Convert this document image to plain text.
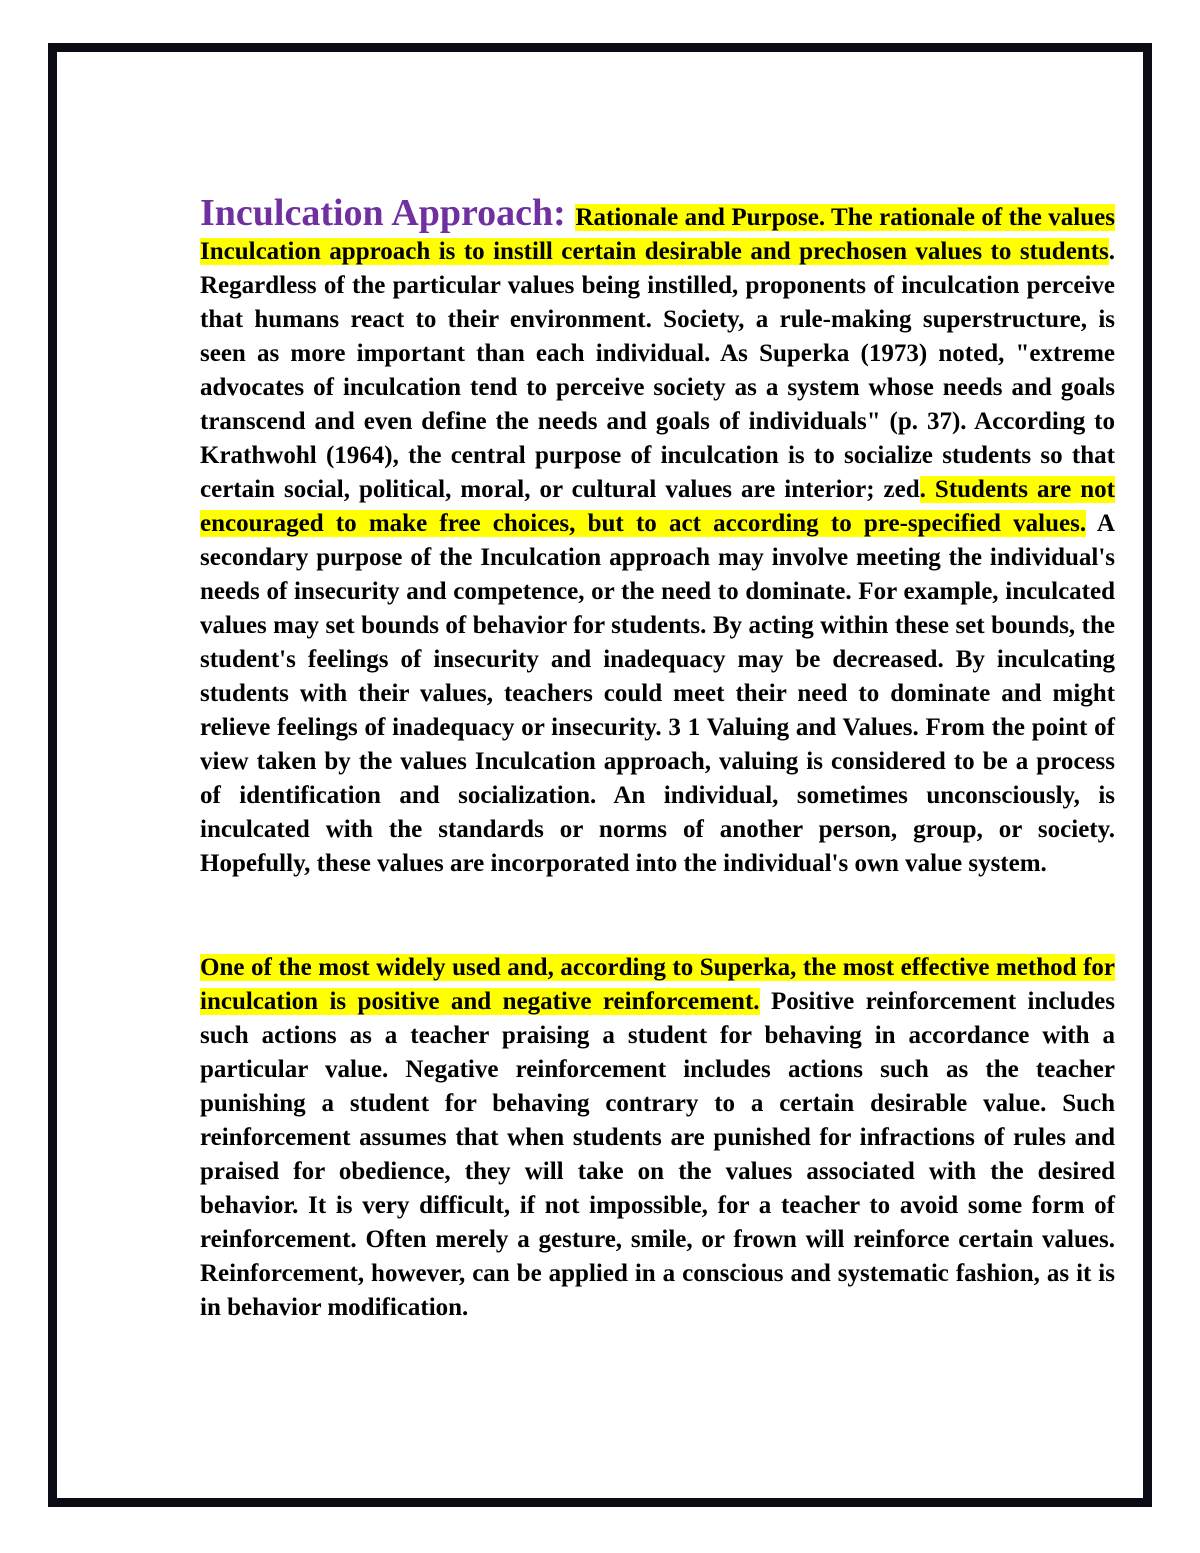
Inculcation Approach: Rationale and Purpose. The rationale of the values Inculcation approach is to instill certain desirable and prechosen values to students. Regardless of the particular values being instilled, proponents of inculcation perceive that humans react to their environment. Society, a rule-making superstructure, is seen as more important than each individual. As Superka (1973) noted, "extreme advocates of inculcation tend to perceive society as a system whose needs and goals transcend and even define the needs and goals of individuals" (p. 37). According to Krathwohl (1964), the central purpose of inculcation is to socialize students so that certain social, political, moral, or cultural values are interior; zed. Students are not encouraged to make free choices, but to act according to pre-specified values. A secondary purpose of the Inculcation approach may involve meeting the individual's needs of insecurity and competence, or the need to dominate. For example, inculcated values may set bounds of behavior for students. By acting within these set bounds, the student's feelings of insecurity and inadequacy may be decreased. By inculcating students with their values, teachers could meet their need to dominate and might relieve feelings of inadequacy or insecurity. 3 1 Valuing and Values. From the point of view taken by the values Inculcation approach, valuing is considered to be a process of identification and socialization. An individual, sometimes unconsciously, is inculcated with the standards or norms of another person, group, or society. Hopefully, these values are incorporated into the individual's own value system.

One of the most widely used and, according to Superka, the most effective method for inculcation is positive and negative reinforcement. Positive reinforcement includes such actions as a teacher praising a student for behaving in accordance with a particular value. Negative reinforcement includes actions such as the teacher punishing a student for behaving contrary to a certain desirable value. Such reinforcement assumes that when students are punished for infractions of rules and praised for obedience, they will take on the values associated with the desired behavior. It is very difficult, if not impossible, for a teacher to avoid some form of reinforcement. Often merely a gesture, smile, or frown will reinforce certain values. Reinforcement, however, can be applied in a conscious and systematic fashion, as it is in behavior modification.
